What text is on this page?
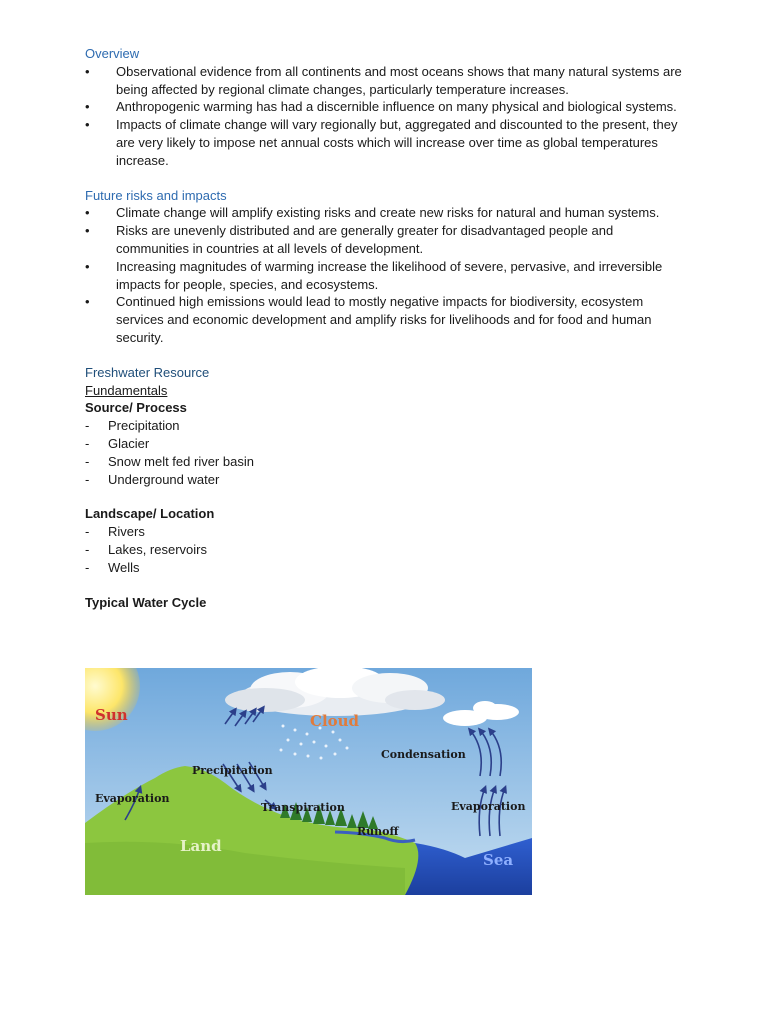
Overview
• Observational evidence from all continents and most oceans shows that many natural systems are being affected by regional climate changes, particularly temperature increases.
• Anthropogenic warming has had a discernible influence on many physical and biological systems.
• Impacts of climate change will vary regionally but, aggregated and discounted to the present, they are very likely to impose net annual costs which will increase over time as global temperatures increase.
Future risks and impacts
• Climate change will amplify existing risks and create new risks for natural and human systems.
• Risks are unevenly distributed and are generally greater for disadvantaged people and communities in countries at all levels of development.
• Increasing magnitudes of warming increase the likelihood of severe, pervasive, and irreversible impacts for people, species, and ecosystems.
• Continued high emissions would lead to mostly negative impacts for biodiversity, ecosystem services and economic development and amplify risks for livelihoods and for food and human security.
Freshwater Resource
Fundamentals
Source/ Process
- Precipitation
- Glacier
- Snow melt fed river basin
- Underground water
Landscape/ Location
- Rivers
- Lakes, reservoirs
- Wells
Typical Water Cycle
Sun	Cloud
Condensation
Precipitation
Evaporation
Transpiration	Evaporation
Runoff
Land
Sea
